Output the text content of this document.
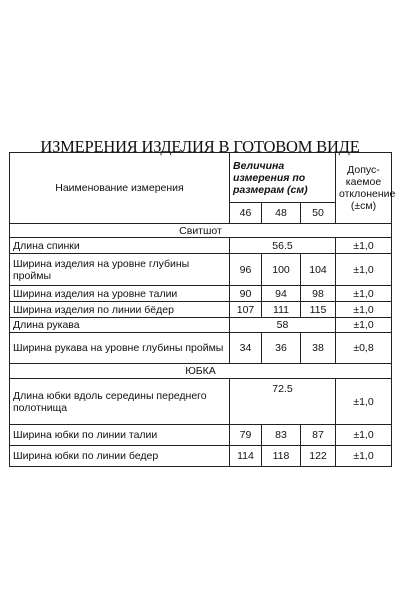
ИЗМЕРЕНИЯ ИЗДЕЛИЯ В ГОТОВОМ ВИДЕ
Наименование измерения	Величина измерения по размерам (см)			Допус-каемое отклонение (±см)
	46	48	50	
Свитшот				
Длина спинки	56.5			±1,0
Ширина изделия на уровне глубины проймы	96	100	104	±1,0
Ширина изделия на уровне талии	90	94	98	±1,0
Ширина изделия по линии бёдер	107	111	115	±1,0
Длина рукава	58			±1,0
Ширина рукава на уровне глубины проймы	34	36	38	±0,8
ЮБКА				
Длина юбки вдоль середины переднего полотнища	72.5			±1,0
Ширина юбки по линии талии	79	83	87	±1,0
Ширина юбки по линии бедер	114	118	122	±1,0
